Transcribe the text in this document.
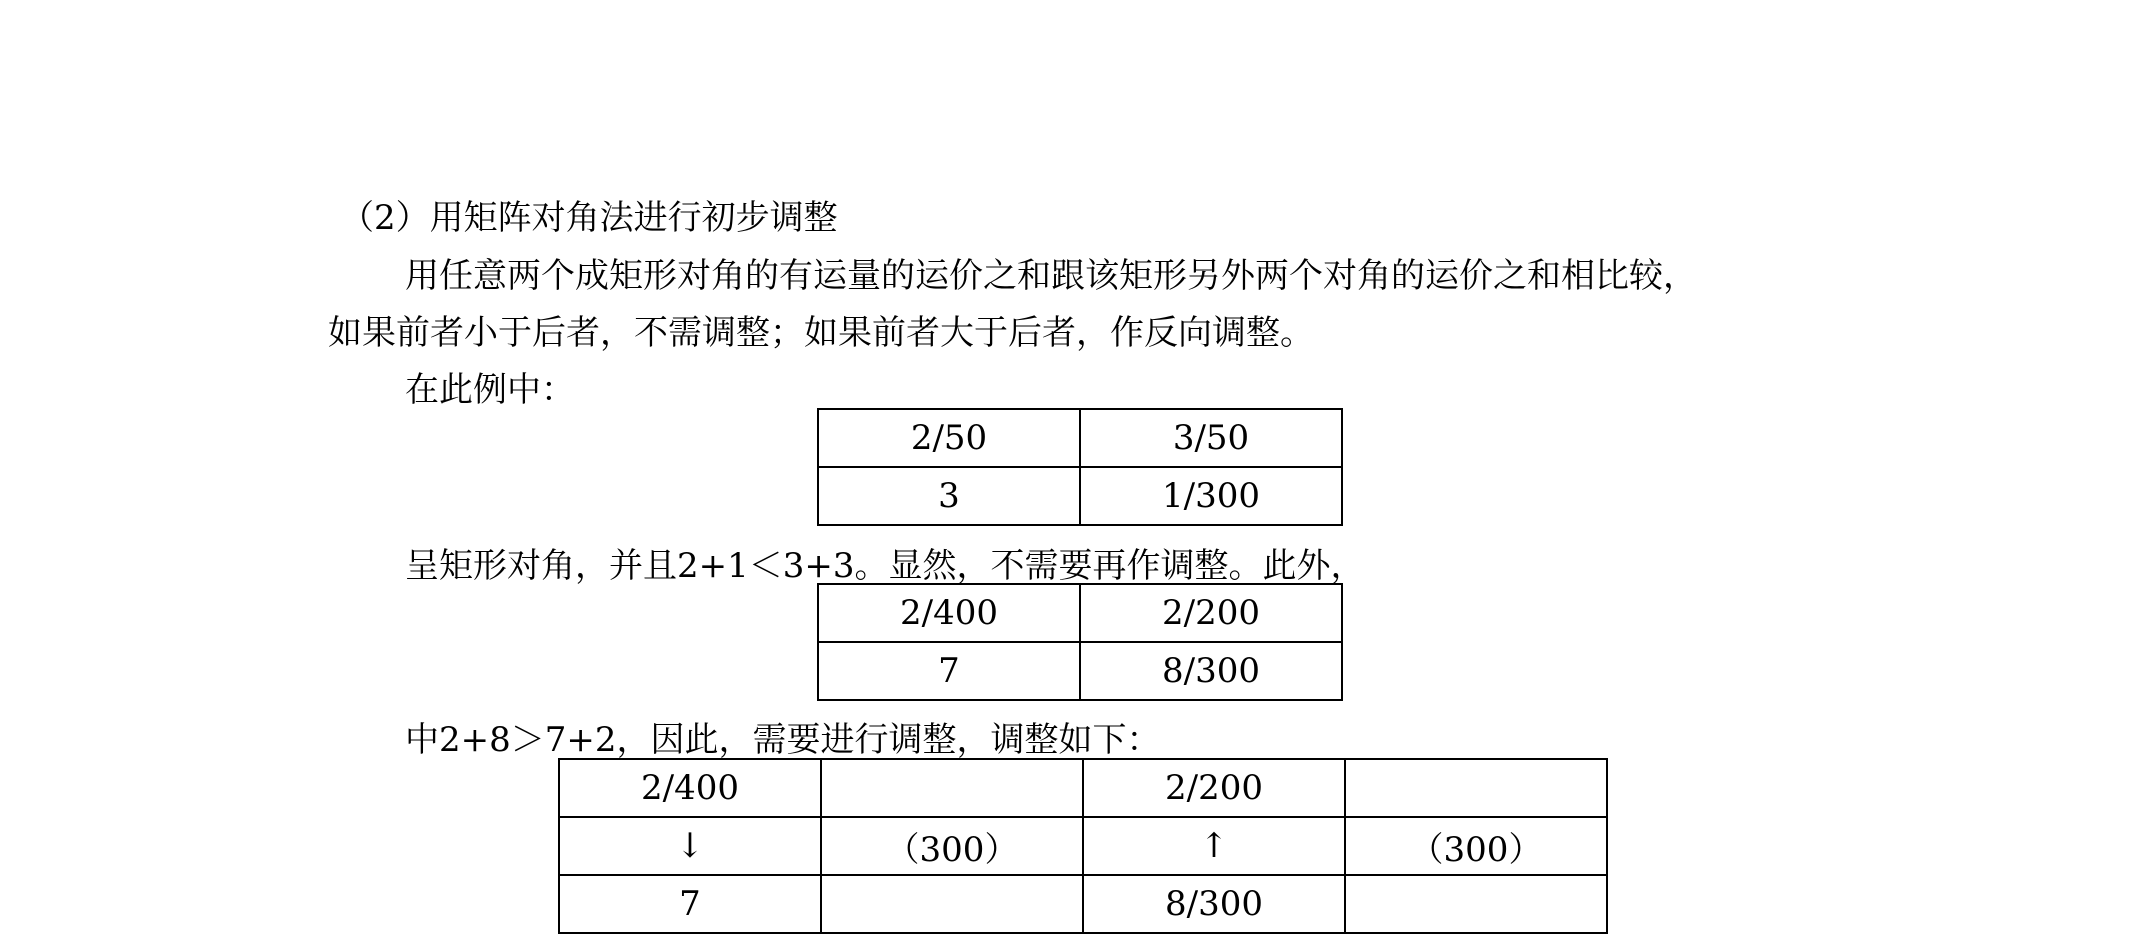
（2）用矩阵对角法进行初步调整
用任意两个成矩形对角的有运量的运价之和跟该矩形另外两个对角的运价之和相比较，
如果前者小于后者，不需调整；如果前者大于后者，作反向调整。
在此例中：
2/50	3/50
3	1/300
呈矩形对角，并且2+1＜3+3。显然，不需要再作调整。此外，
2/400	2/200
7	8/300
中2+8＞7+2，因此，需要进行调整，调整如下：
2/400		2/200	
↓	（300）	↑	（300）
7		8/300	
